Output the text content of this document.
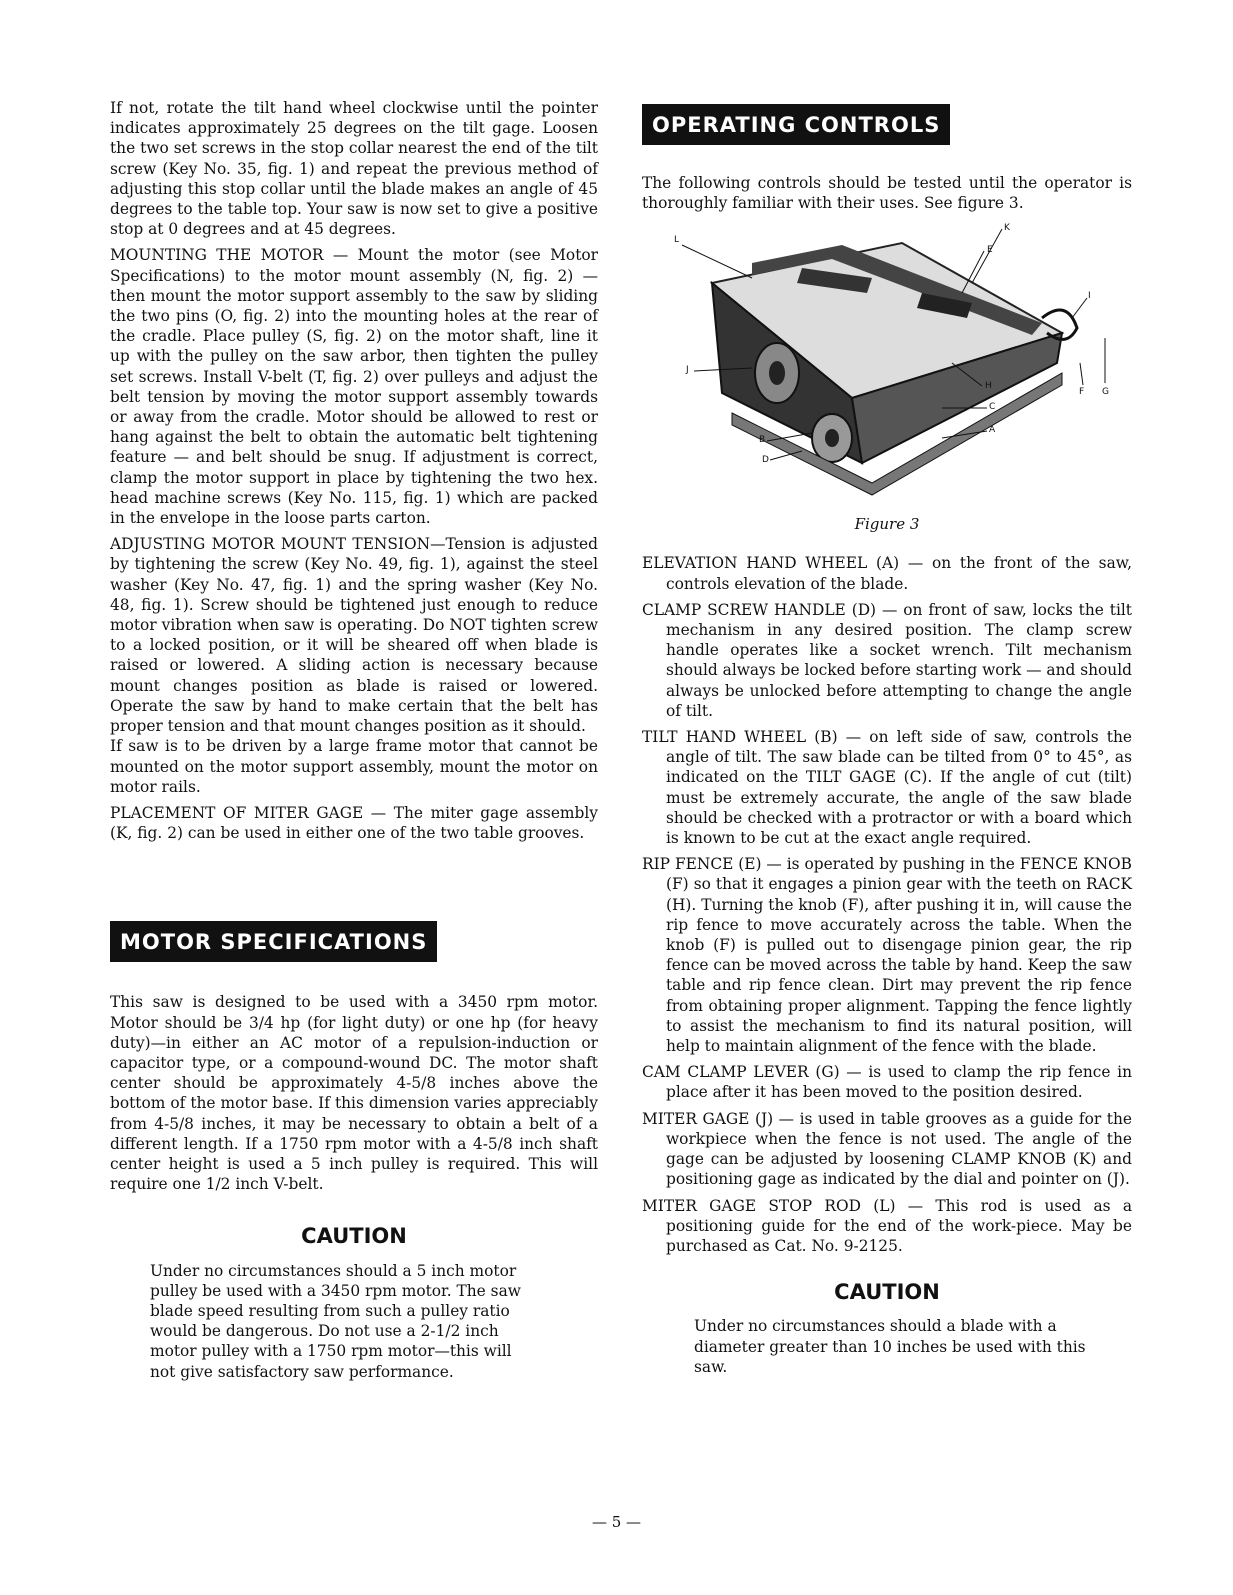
If not, rotate the tilt hand wheel clockwise until the pointer indicates approximately 25 degrees on the tilt gage. Loosen the two set screws in the stop collar nearest the end of the tilt screw (Key No. 35, fig. 1) and repeat the previous method of adjusting this stop collar until the blade makes an angle of 45 degrees to the table top. Your saw is now set to give a positive stop at 0 degrees and at 45 degrees.

MOUNTING THE MOTOR — Mount the motor (see Motor Specifications) to the motor mount assembly (N, fig. 2) — then mount the motor support assembly to the saw by sliding the two pins (O, fig. 2) into the mounting holes at the rear of the cradle. Place pulley (S, fig. 2) on the motor shaft, line it up with the pulley on the saw arbor, then tighten the pulley set screws. Install V-belt (T, fig. 2) over pulleys and adjust the belt tension by moving the motor support assembly towards or away from the cradle. Motor should be allowed to rest or hang against the belt to obtain the automatic belt tightening feature — and belt should be snug. If adjustment is correct, clamp the motor support in place by tightening the two hex. head machine screws (Key No. 115, fig. 1) which are packed in the envelope in the loose parts carton.

ADJUSTING MOTOR MOUNT TENSION—Tension is adjusted by tightening the screw (Key No. 49, fig. 1), against the steel washer (Key No. 47, fig. 1) and the spring washer (Key No. 48, fig. 1). Screw should be tightened just enough to reduce motor vibration when saw is operating. Do NOT tighten screw to a locked position, or it will be sheared off when blade is raised or lowered. A sliding action is necessary because mount changes position as blade is raised or lowered. Operate the saw by hand to make certain that the belt has proper tension and that mount changes position as it should.

If saw is to be driven by a large frame motor that cannot be mounted on the motor support assembly, mount the motor on motor rails.

PLACEMENT OF MITER GAGE — The miter gage assembly (K, fig. 2) can be used in either one of the two table grooves.

MOTOR SPECIFICATIONS

This saw is designed to be used with a 3450 rpm motor. Motor should be 3/4 hp (for light duty) or one hp (for heavy duty)—in either an AC motor of a repulsion-induction or capacitor type, or a compound-wound DC. The motor shaft center should be approximately 4-5/8 inches above the bottom of the motor base. If this dimension varies appreciably from 4-5/8 inches, it may be necessary to obtain a belt of a different length. If a 1750 rpm motor with a 4-5/8 inch shaft center height is used a 5 inch pulley is required. This will require one 1/2 inch V-belt.

CAUTION

Under no circumstances should a 5 inch motor pulley be used with a 3450 rpm motor. The saw blade speed resulting from such a pulley ratio would be dangerous. Do not use a 2-1/2 inch motor pulley with a 1750 rpm motor—this will not give satisfactory saw performance.

OPERATING CONTROLS

The following controls should be tested until the operator is thoroughly familiar with their uses. See figure 3.

L
K
E
I
J
H
F G
C
A
B
D
Figure 3

ELEVATION HAND WHEEL (A) — on the front of the saw, controls elevation of the blade.

CLAMP SCREW HANDLE (D) — on front of saw, locks the tilt mechanism in any desired position. The clamp screw handle operates like a socket wrench. Tilt mechanism should always be locked before starting work — and should always be unlocked before attempting to change the angle of tilt.

TILT HAND WHEEL (B) — on left side of saw, controls the angle of tilt. The saw blade can be tilted from 0° to 45°, as indicated on the TILT GAGE (C). If the angle of cut (tilt) must be extremely accurate, the angle of the saw blade should be checked with a protractor or with a board which is known to be cut at the exact angle required.

RIP FENCE (E) — is operated by pushing in the FENCE KNOB (F) so that it engages a pinion gear with the teeth on RACK (H). Turning the knob (F), after pushing it in, will cause the rip fence to move accurately across the table. When the knob (F) is pulled out to disengage pinion gear, the rip fence can be moved across the table by hand. Keep the saw table and rip fence clean. Dirt may prevent the rip fence from obtaining proper alignment. Tapping the fence lightly to assist the mechanism to find its natural position, will help to maintain alignment of the fence with the blade.

CAM CLAMP LEVER (G) — is used to clamp the rip fence in place after it has been moved to the position desired.

MITER GAGE (J) — is used in table grooves as a guide for the workpiece when the fence is not used. The angle of the gage can be adjusted by loosening CLAMP KNOB (K) and positioning gage as indicated by the dial and pointer on (J).

MITER GAGE STOP ROD (L) — This rod is used as a positioning guide for the end of the work-piece. May be purchased as Cat. No. 9-2125.

CAUTION

Under no circumstances should a blade with a diameter greater than 10 inches be used with this saw.

— 5 —
